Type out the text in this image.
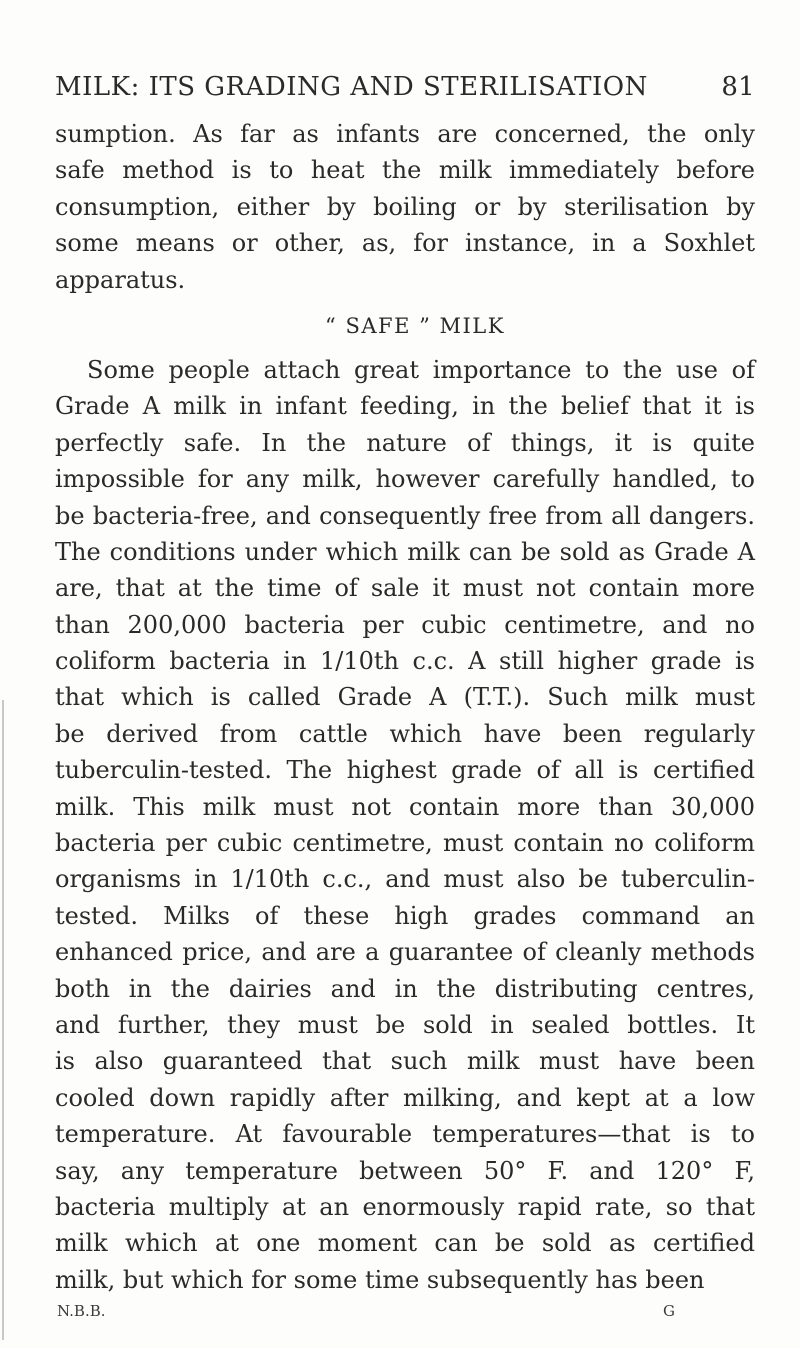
MILK: ITS GRADING AND STERILISATION	81
sumption. As far as infants are concerned, the only
safe method is to heat the milk immediately before
consumption, either by boiling or by sterilisation by
some means or other, as, for instance, in a Soxhlet
apparatus.
“ SAFE ” MILK
Some people attach great importance to the use of
Grade A milk in infant feeding, in the belief that it is
perfectly safe. In the nature of things, it is quite
impossible for any milk, however carefully handled, to
be bacteria-free, and consequently free from all dangers.
The conditions under which milk can be sold as Grade A
are, that at the time of sale it must not contain more
than 200,000 bacteria per cubic centimetre, and no
coliform bacteria in 1/10th c.c. A still higher grade is
that which is called Grade A (T.T.). Such milk must
be derived from cattle which have been regularly
tuberculin-tested. The highest grade of all is certified
milk. This milk must not contain more than 30,000
bacteria per cubic centimetre, must contain no coliform
organisms in 1/10th c.c., and must also be tuberculin-
tested. Milks of these high grades command an
enhanced price, and are a guarantee of cleanly methods
both in the dairies and in the distributing centres,
and further, they must be sold in sealed bottles. It
is also guaranteed that such milk must have been
cooled down rapidly after milking, and kept at a low
temperature. At favourable temperatures—that is to
say, any temperature between 50° F. and 120° F,
bacteria multiply at an enormously rapid rate, so that
milk which at one moment can be sold as certified
milk, but which for some time subsequently has been
N.B.B.	G
